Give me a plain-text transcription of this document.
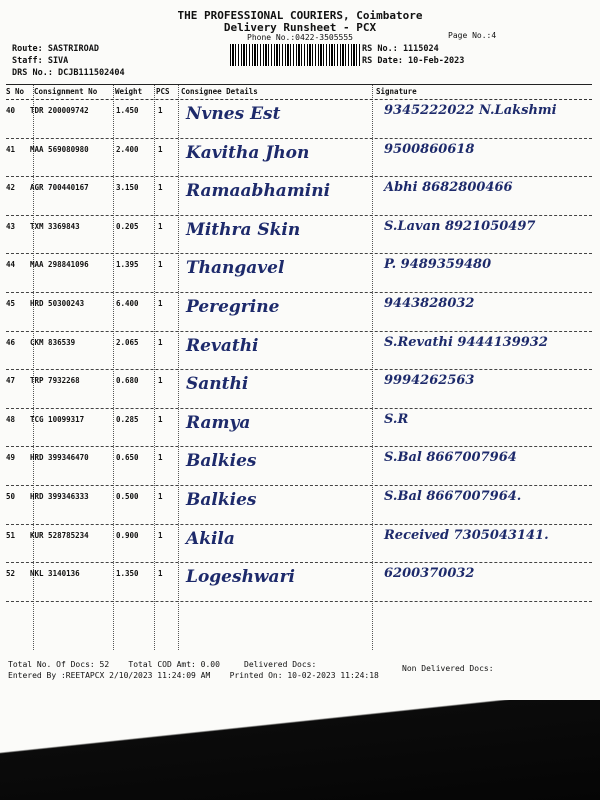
THE PROFESSIONAL COURIERS, Coimbatore
Delivery Runsheet - PCX
Phone No.:0422-3505555	Page No.:4
Route: SASTRIROAD
Staff: SIVA
DRS No.: DCJB111502404
RS No.: 1115024
RS Date: 10-Feb-2023
S No Consignment No Weight PCS Consignee Details	Signature
40 TDR 200009742	1.450	1 Nvnes Est	9345222022 N.Lakshmi
41 MAA 569080980	2.400	1 Kavitha Jhon	9500860618
42 AGR 700440167	3.150	1 Ramaabhamini	Abhi 8682800466
43 TXM 3369843	0.205	1 Mithra Skin	S.Lavan 8921050497
44 MAA 298841096	1.395	1 Thangavel	P. 9489359480
45 HRD 50300243	6.400	1 Peregrine	9443828032
46 CKM 836539	2.065	1 Revathi	S.Revathi 9444139932
47 TRP 7932268	0.680	1 Santhi	9994262563
48 TCG 10099317	0.285	1 Ramya	S.R
49 HRD 399346470	0.650	1 Balkies	S.Bal 8667007964
50 HRD 399346333	0.500	1 Balkies	S.Bal 8667007964.
51 KUR 528785234	0.900	1 Akila	Received 7305043141.
52 NKL 3140136	1.350	1 Logeshwari	6200370032
Total No. Of Docs: 52 Total COD Amt: 0.00	Delivered Docs:	Non Delivered Docs:
Entered By :REETAPCX 2/10/2023 11:24:09 AM Printed On: 10-02-2023 11:24:18
